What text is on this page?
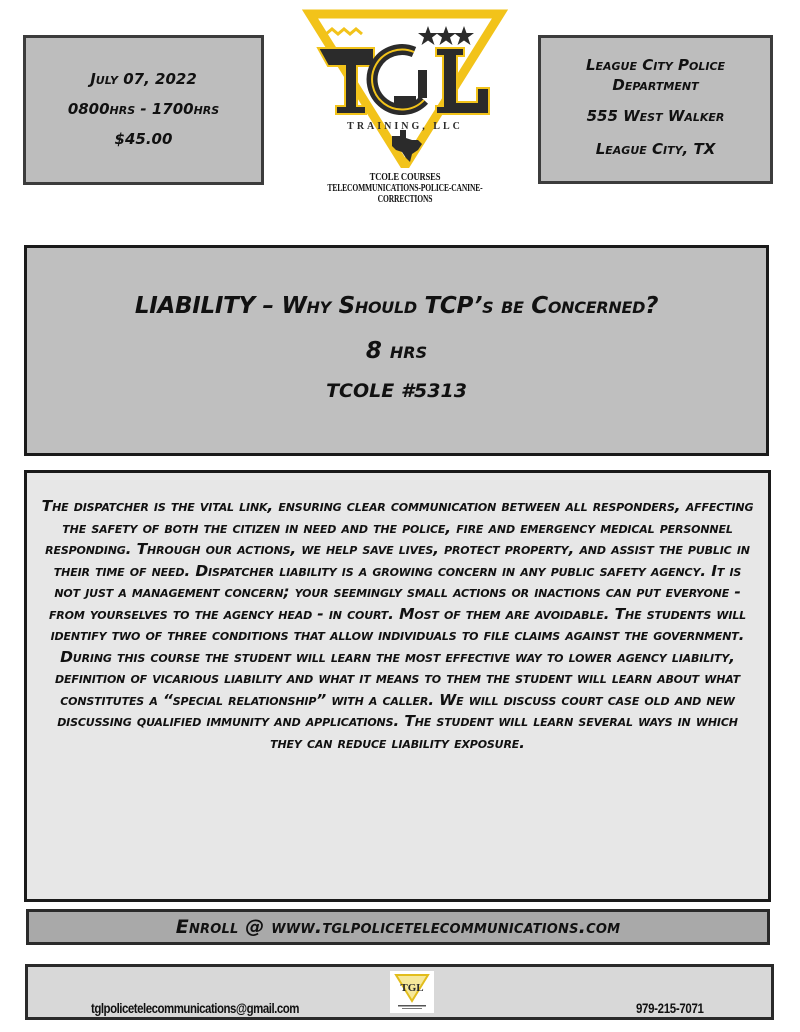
July 07, 2022
0800hrs - 1700hrs
$45.00
TRAINING, LLC
TCOLE COURSES
TELECOMMUNICATIONS-POLICE-CANINE-CORRECTIONS
League City Police
Department
555 West Walker
League City, TX
LIABILITY – Why Should TCP’s be Concerned?
8 hrs
TCOLE #5313
The dispatcher is the vital link, ensuring clear communication between all responders, affecting the safety of both the citizen in need and the police, fire and emergency medical personnel responding. Through our actions, we help save lives, protect property, and assist the public in their time of need. Dispatcher liability is a growing concern in any public safety agency. It is not just a management concern; your seemingly small actions or inactions can put everyone - from yourselves to the agency head - in court. Most of them are avoidable. The students will identify two of three conditions that allow individuals to file claims against the government. During this course the student will learn the most effective way to lower agency liability, definition of vicarious liability and what it means to them the student will learn about what constitutes a “special relationship” with a caller. We will discuss court case old and new discussing qualified immunity and applications. The student will learn several ways in which they can reduce liability exposure.
Enroll @ www.tglpolicetelecommunications.com
tglpolicetelecommunications@gmail.com
TGL
979-215-7071
